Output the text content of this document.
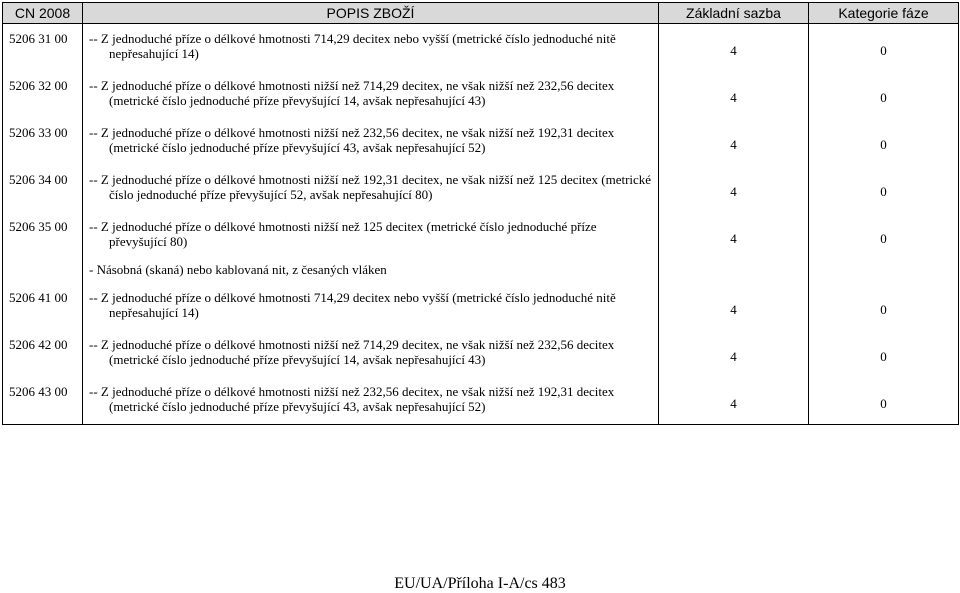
CN 2008	POPIS ZBOŽÍ	Základní sazba	Kategorie fáze
5206 31 00	-- Z jednoduché příze o délkové hmotnosti 714,29 decitex nebo vyšší (metrické číslo jednoduché nitě nepřesahující 14)	4	0
5206 32 00	-- Z jednoduché příze o délkové hmotnosti nižší než 714,29 decitex, ne však nižší než 232,56 decitex (metrické číslo jednoduché příze převyšující 14, avšak nepřesahující 43)	4	0
5206 33 00	-- Z jednoduché příze o délkové hmotnosti nižší než 232,56 decitex, ne však nižší než 192,31 decitex (metrické číslo jednoduché příze převyšující 43, avšak nepřesahující 52)	4	0
5206 34 00	-- Z jednoduché příze o délkové hmotnosti nižší než 192,31 decitex, ne však nižší než 125 decitex (metrické číslo jednoduché příze převyšující 52, avšak nepřesahující 80)	4	0
5206 35 00	-- Z jednoduché příze o délkové hmotnosti nižší než 125 decitex (metrické číslo jednoduché příze převyšující 80)	4	0
	- Násobná (skaná) nebo kablovaná nit, z česaných vláken		
5206 41 00	-- Z jednoduché příze o délkové hmotnosti 714,29 decitex nebo vyšší (metrické číslo jednoduché nitě nepřesahující 14)	4	0
5206 42 00	-- Z jednoduché příze o délkové hmotnosti nižší než 714,29 decitex, ne však nižší než 232,56 decitex (metrické číslo jednoduché příze převyšující 14, avšak nepřesahující 43)	4	0
5206 43 00	-- Z jednoduché příze o délkové hmotnosti nižší než 232,56 decitex, ne však nižší než 192,31 decitex (metrické číslo jednoduché příze převyšující 43, avšak nepřesahující 52)	4	0
EU/UA/Příloha I-A/cs 483
